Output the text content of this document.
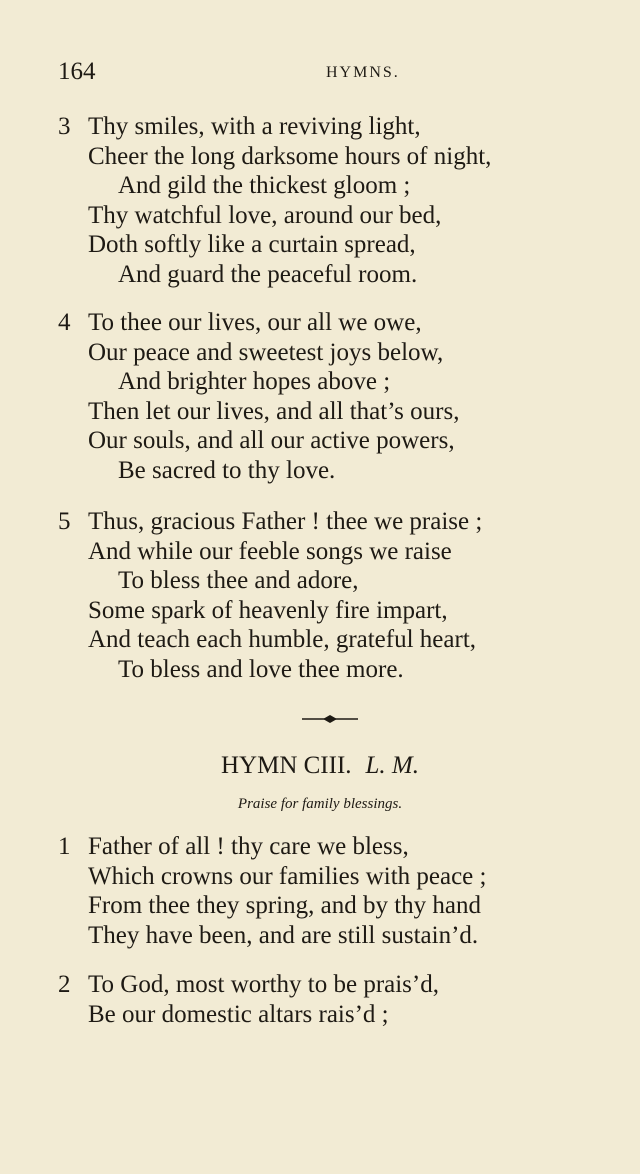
164	HYMNS.
3 Thy smiles, with a reviving light,
Cheer the long darksome hours of night,
And gild the thickest gloom ;
Thy watchful love, around our bed,
Doth softly like a curtain spread,
And guard the peaceful room.
4 To thee our lives, our all we owe,
Our peace and sweetest joys below,
And brighter hopes above ;
Then let our lives, and all that’s ours,
Our souls, and all our active powers,
Be sacred to thy love.
5 Thus, gracious Father ! thee we praise ;
And while our feeble songs we raise
To bless thee and adore,
Some spark of heavenly fire impart,
And teach each humble, grateful heart,
To bless and love thee more.
HYMN CIII. L. M.
Praise for family blessings.
1 Father of all ! thy care we bless,
Which crowns our families with peace ;
From thee they spring, and by thy hand
They have been, and are still sustain’d.
2 To God, most worthy to be prais’d,
Be our domestic altars rais’d ;
